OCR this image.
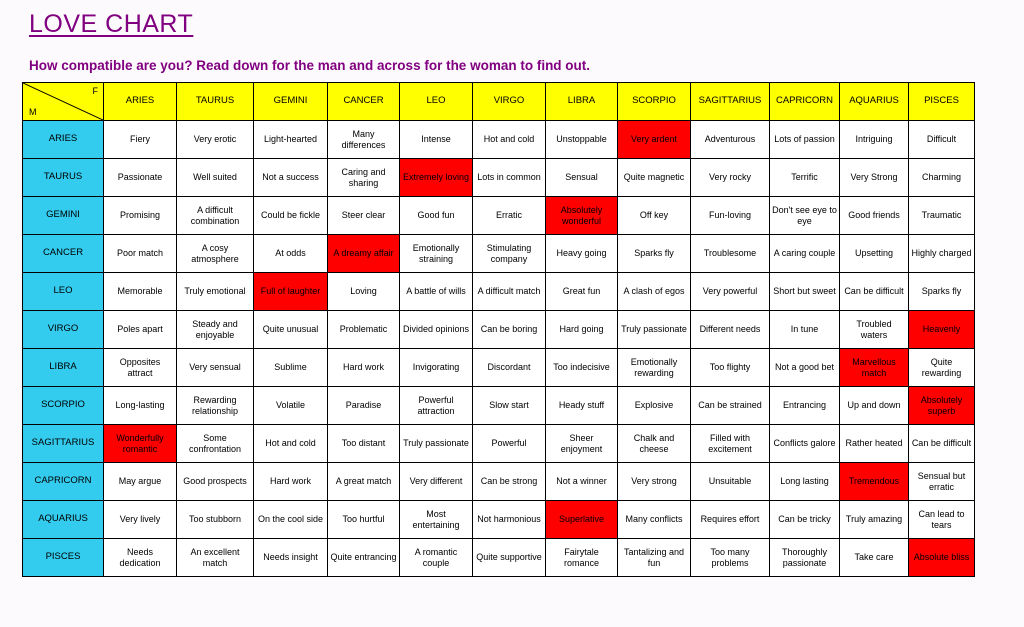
LOVE CHART
How compatible are you? Read down for the man and across for the woman to find out.
F
M	ARIES	TAURUS	GEMINI	CANCER	LEO	VIRGO	LIBRA	SCORPIO	SAGITTARIUS	CAPRICORN	AQUARIUS	PISCES
ARIES	Fiery	Very erotic	Light-hearted	Many differences	Intense	Hot and cold	Unstoppable	Very ardent	Adventurous	Lots of passion	Intriguing	Difficult
TAURUS	Passionate	Well suited	Not a success	Caring and sharing	Extremely loving	Lots in common	Sensual	Quite magnetic	Very rocky	Terrific	Very Strong	Charming
GEMINI	Promising	A difficult combination	Could be fickle	Steer clear	Good fun	Erratic	Absolutely wonderful	Off key	Fun-loving	Don't see eye to eye	Good friends	Traumatic
CANCER	Poor match	A cosy atmosphere	At odds	A dreamy affair	Emotionally straining	Stimulating company	Heavy going	Sparks fly	Troublesome	A caring couple	Upsetting	Highly charged
LEO	Memorable	Truly emotional	Full of laughter	Loving	A battle of wills	A difficult match	Great fun	A clash of egos	Very powerful	Short but sweet	Can be difficult	Sparks fly
VIRGO	Poles apart	Steady and enjoyable	Quite unusual	Problematic	Divided opinions	Can be boring	Hard going	Truly passionate	Different needs	In tune	Troubled waters	Heavenly
LIBRA	Opposites attract	Very sensual	Sublime	Hard work	Invigorating	Discordant	Too indecisive	Emotionally rewarding	Too flighty	Not a good bet	Marvellous match	Quite rewarding
SCORPIO	Long-lasting	Rewarding relationship	Volatile	Paradise	Powerful attraction	Slow start	Heady stuff	Explosive	Can be strained	Entrancing	Up and down	Absolutely superb
SAGITTARIUS	Wonderfully romantic	Some confrontation	Hot and cold	Too distant	Truly passionate	Powerful	Sheer enjoyment	Chalk and cheese	Filled with excitement	Conflicts galore	Rather heated	Can be difficult
CAPRICORN	May argue	Good prospects	Hard work	A great match	Very different	Can be strong	Not a winner	Very strong	Unsuitable	Long lasting	Tremendous	Sensual but erratic
AQUARIUS	Very lively	Too stubborn	On the cool side	Too hurtful	Most entertaining	Not harmonious	Superlative	Many conflicts	Requires effort	Can be tricky	Truly amazing	Can lead to tears
PISCES	Needs dedication	An excellent match	Needs insight	Quite entrancing	A romantic couple	Quite supportive	Fairytale romance	Tantalizing and fun	Too many problems	Thoroughly passionate	Take care	Absolute bliss
